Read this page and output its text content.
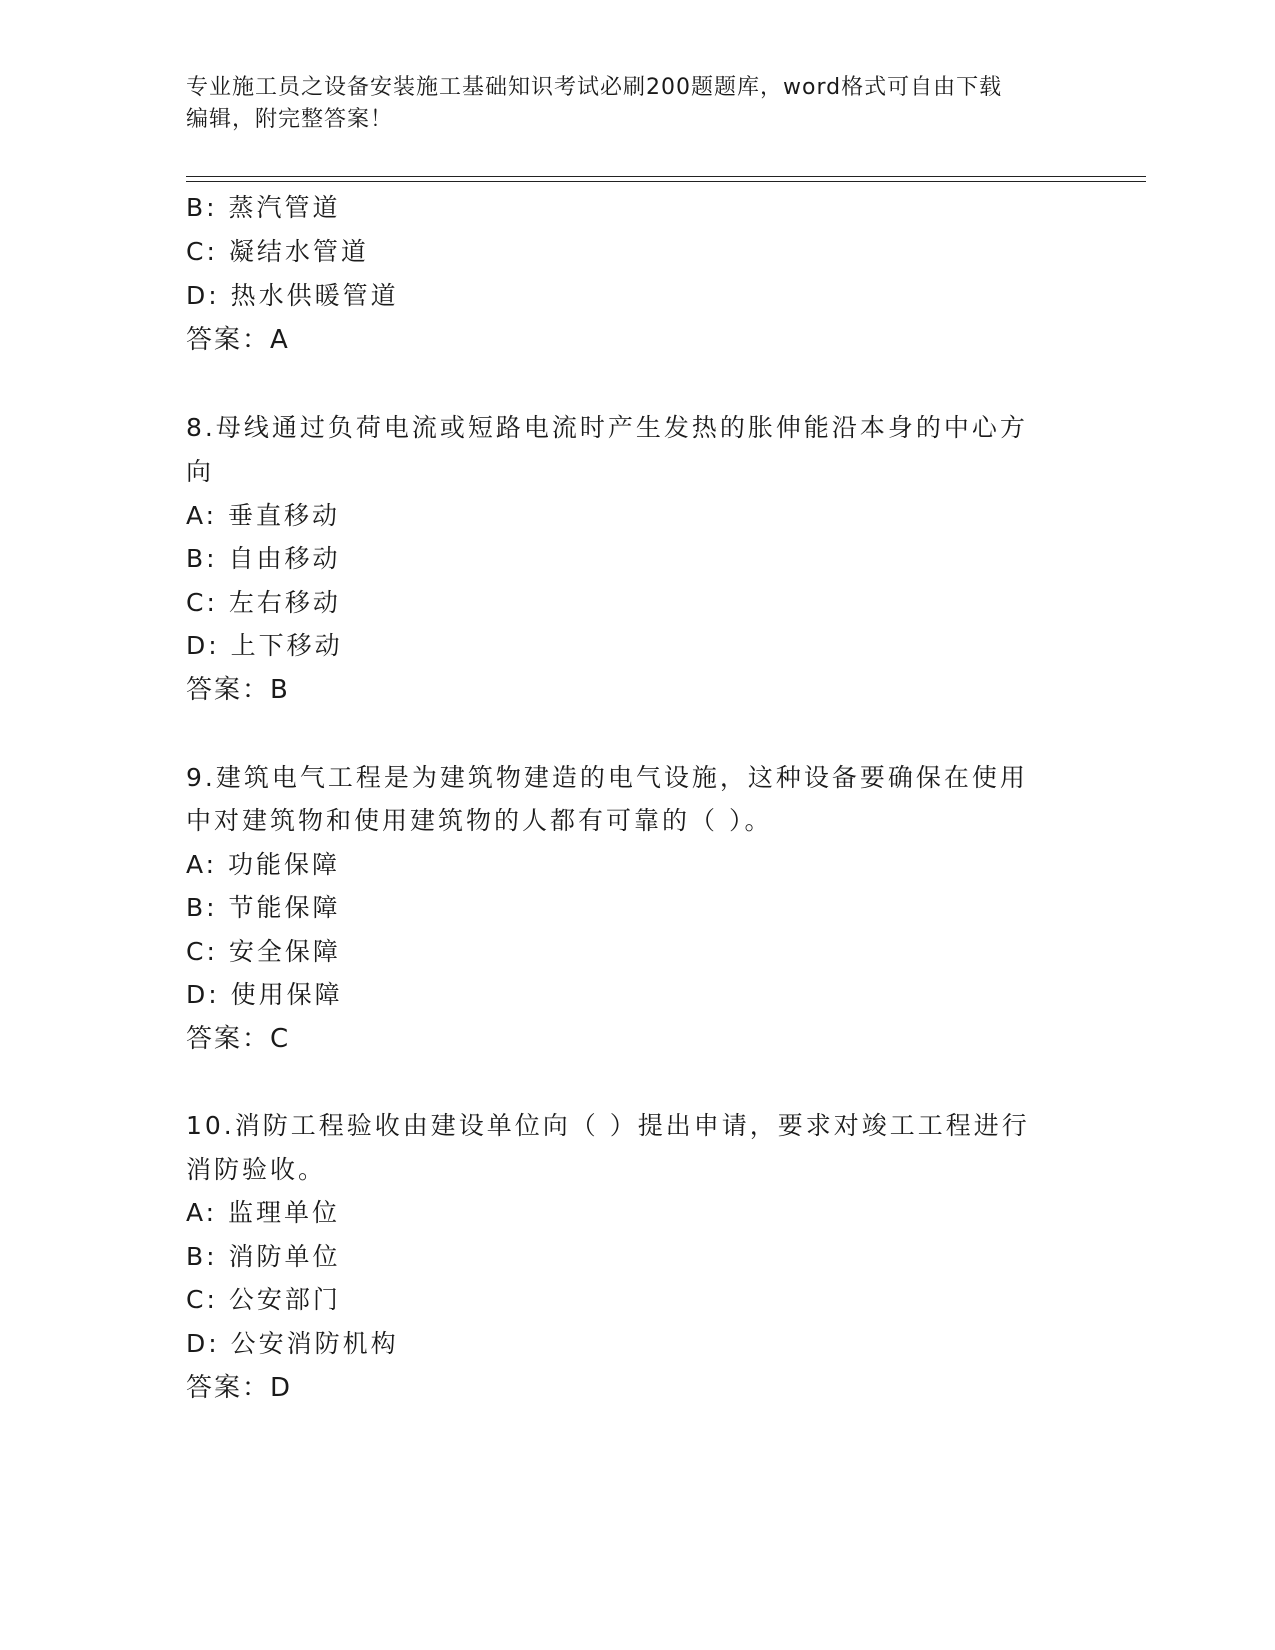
专业施工员之设备安装施工基础知识考试必刷200题题库，word格式可自由下载
编辑，附完整答案！
B: 蒸汽管道
C: 凝结水管道
D: 热水供暖管道
答案：A
8.母线通过负荷电流或短路电流时产生发热的胀伸能沿本身的中心方
向
A: 垂直移动
B: 自由移动
C: 左右移动
D: 上下移动
答案：B
9.建筑电气工程是为建筑物建造的电气设施，这种设备要确保在使用
中对建筑物和使用建筑物的人都有可靠的（ ）。
A: 功能保障
B: 节能保障
C: 安全保障
D: 使用保障
答案：C
10.消防工程验收由建设单位向（ ）提出申请，要求对竣工工程进行
消防验收。
A: 监理单位
B: 消防单位
C: 公安部门
D: 公安消防机构
答案：D
